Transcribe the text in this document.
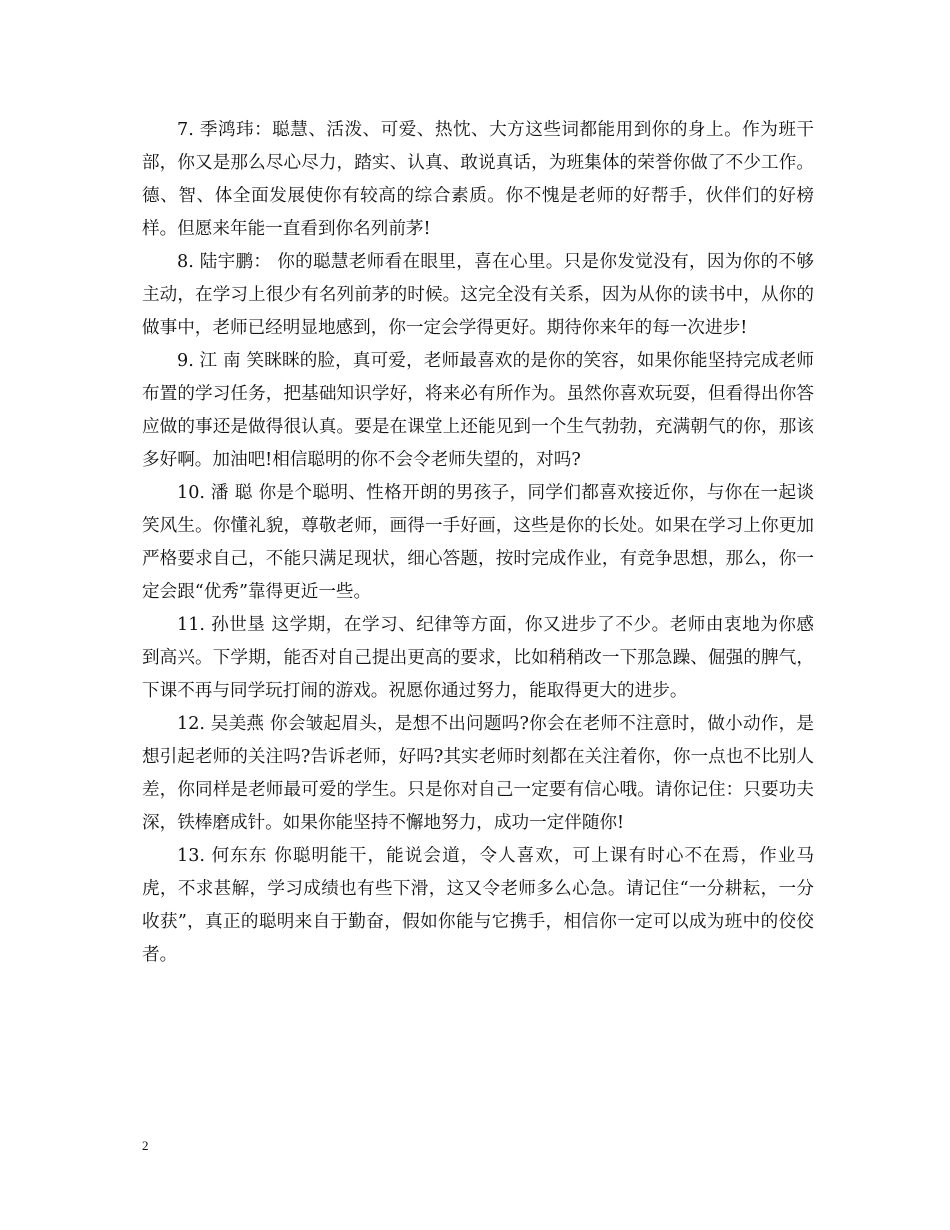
7. 季鸿玮：聪慧、活泼、可爱、热忱、大方这些词都能用到你的身上。作为班干部，你又是那么尽心尽力，踏实、认真、敢说真话，为班集体的荣誉你做了不少工作。德、智、体全面发展使你有较高的综合素质。你不愧是老师的好帮手，伙伴们的好榜样。但愿来年能一直看到你名列前茅!

8. 陆宇鹏： 你的聪慧老师看在眼里，喜在心里。只是你发觉没有，因为你的不够主动，在学习上很少有名列前茅的时候。这完全没有关系，因为从你的读书中，从你的做事中，老师已经明显地感到，你一定会学得更好。期待你来年的每一次进步!

9. 江 南 笑眯眯的脸，真可爱，老师最喜欢的是你的笑容，如果你能坚持完成老师布置的学习任务，把基础知识学好，将来必有所作为。虽然你喜欢玩耍，但看得出你答应做的事还是做得很认真。要是在课堂上还能见到一个生气勃勃，充满朝气的你，那该多好啊。加油吧!相信聪明的你不会令老师失望的，对吗?

10. 潘 聪 你是个聪明、性格开朗的男孩子，同学们都喜欢接近你，与你在一起谈笑风生。你懂礼貌，尊敬老师，画得一手好画，这些是你的长处。如果在学习上你更加严格要求自己，不能只满足现状，细心答题，按时完成作业，有竞争思想，那么，你一定会跟“优秀”靠得更近一些。

11. 孙世垦 这学期，在学习、纪律等方面，你又进步了不少。老师由衷地为你感到高兴。下学期，能否对自己提出更高的要求，比如稍稍改一下那急躁、倔强的脾气，下课不再与同学玩打闹的游戏。祝愿你通过努力，能取得更大的进步。

12. 吴美燕 你会皱起眉头，是想不出问题吗?你会在老师不注意时，做小动作，是想引起老师的关注吗?告诉老师，好吗?其实老师时刻都在关注着你，你一点也不比别人差，你同样是老师最可爱的学生。只是你对自己一定要有信心哦。请你记住：只要功夫深，铁棒磨成针。如果你能坚持不懈地努力，成功一定伴随你!

13. 何东东 你聪明能干，能说会道，令人喜欢，可上课有时心不在焉，作业马虎，不求甚解，学习成绩也有些下滑，这又令老师多么心急。请记住“一分耕耘，一分收获”，真正的聪明来自于勤奋，假如你能与它携手，相信你一定可以成为班中的佼佼者。

2
